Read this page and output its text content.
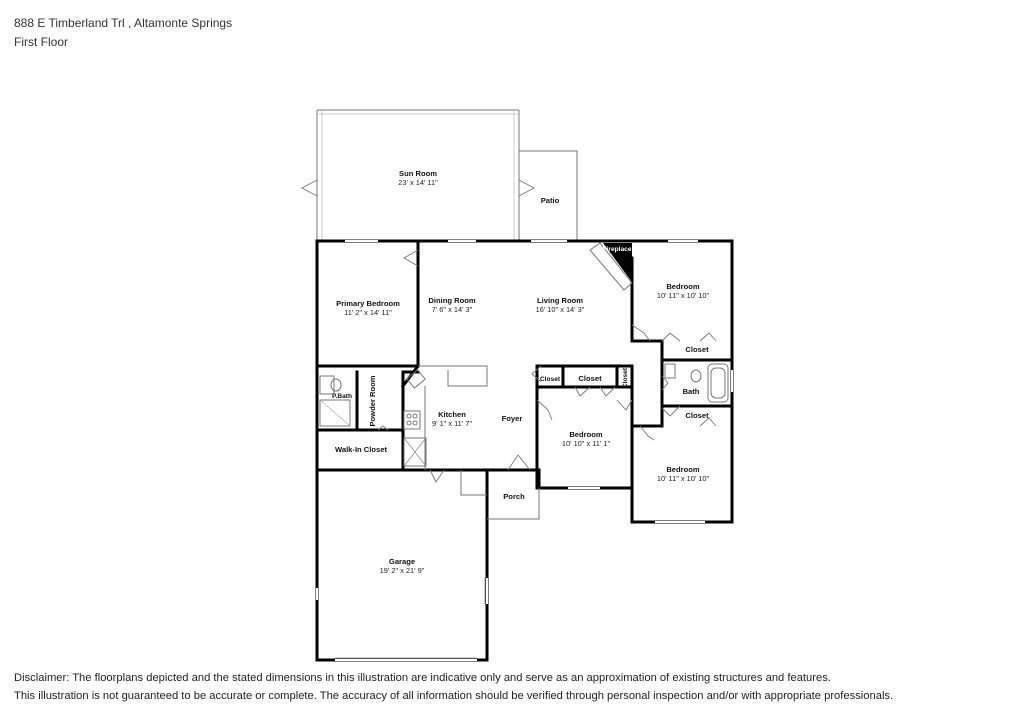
888 E Timberland Trl , Altamonte Springs
First Floor
Sun Room
23' x 14' 11"
Patio
Fireplace
Primary Bedroom
11' 2" x 14' 11"
Dining Room
7' 6" x 14' 3"
Living Room
16' 10" x 14' 3"
Bedroom
10' 11" x 10' 10"
Closet
Closet Closet	Closet
P.Bath Powder Room	Kitchen
9' 1" x 11' 7"
Foyer
Bath
Closet
Bedroom
10' 10" x 11' 1"
Walk-In Closet
Bedroom
10' 11" x 10' 10"
Porch
Garage
19' 2" x 21' 9"
Disclaimer: The floorplans depicted and the stated dimensions in this illustration are indicative only and serve as an approximation of existing structures and features.
This illustration is not guaranteed to be accurate or complete. The accuracy of all information should be verified through personal inspection and/or with appropriate professionals.
